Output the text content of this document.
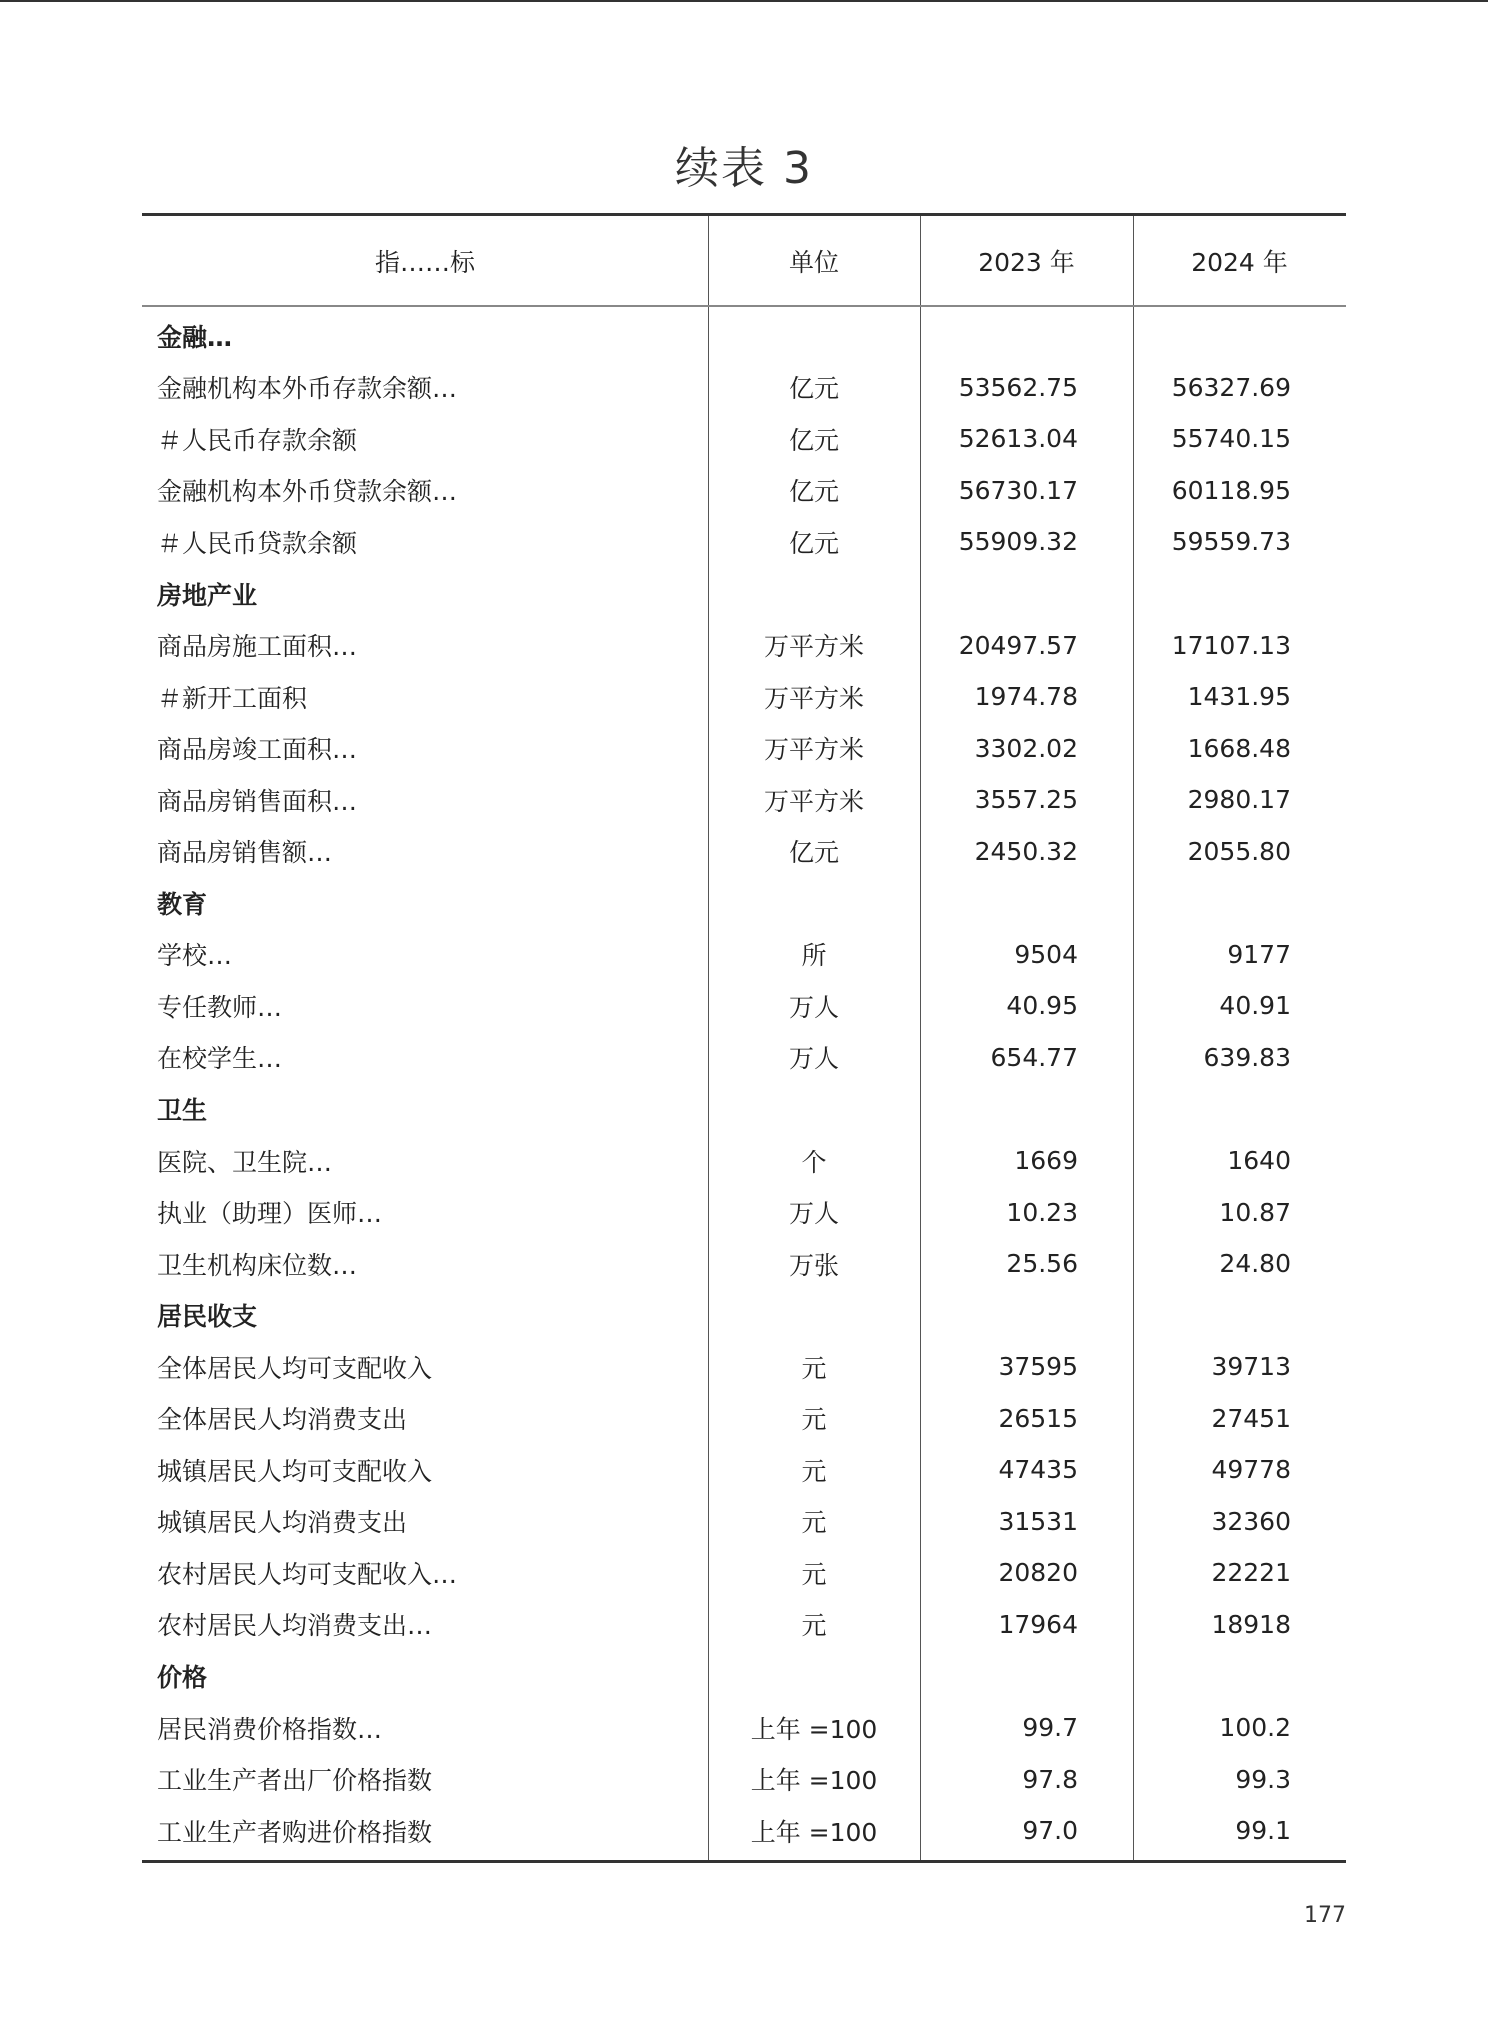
续表 3
指……标	单位	2023 年	2024 年
金融…
金融机构本外币存款余额…	亿元	53562.75	56327.69
＃人民币存款余额	亿元	52613.04	55740.15
金融机构本外币贷款余额…	亿元	56730.17	60118.95
＃人民币贷款余额	亿元	55909.32	59559.73
房地产业
商品房施工面积…	万平方米	20497.57	17107.13
＃新开工面积	万平方米	1974.78	1431.95
商品房竣工面积…	万平方米	3302.02	1668.48
商品房销售面积…	万平方米	3557.25	2980.17
商品房销售额…	亿元	2450.32	2055.80
教育
学校…	所	9504	9177
专任教师…	万人	40.95	40.91
在校学生…	万人	654.77	639.83
卫生
医院、卫生院…	个	1669	1640
执业（助理）医师…	万人	10.23	10.87
卫生机构床位数…	万张	25.56	24.80
居民收支
全体居民人均可支配收入	元	37595	39713
全体居民人均消费支出	元	26515	27451
城镇居民人均可支配收入	元	47435	49778
城镇居民人均消费支出	元	31531	32360
农村居民人均可支配收入…	元	20820	22221
农村居民人均消费支出…	元	17964	18918
价格
居民消费价格指数…	上年 =100	99.7	100.2
工业生产者出厂价格指数	上年 =100	97.8	99.3
工业生产者购进价格指数	上年 =100	97.0	99.1
177
